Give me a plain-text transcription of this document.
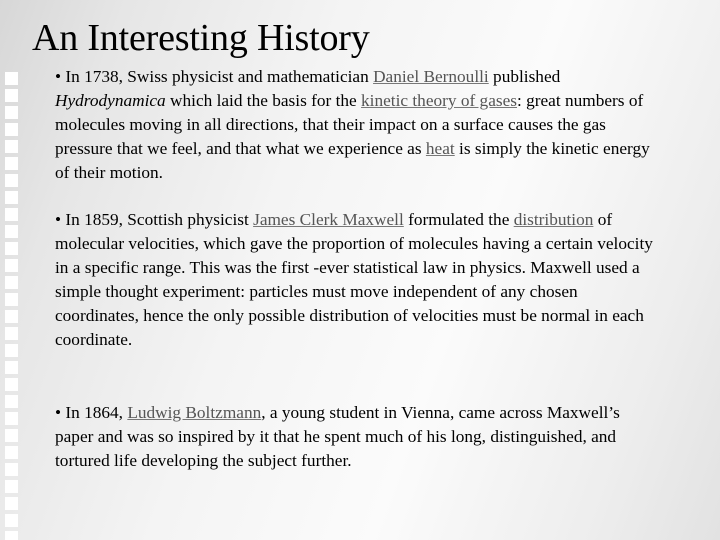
An Interesting History

• In 1738, Swiss physicist and mathematician Daniel Bernoulli published Hydrodynamica which laid the basis for the kinetic theory of gases: great numbers of molecules moving in all directions, that their impact on a surface causes the gas pressure that we feel, and that what we experience as heat is simply the kinetic energy of their motion.

• In 1859, Scottish physicist James Clerk Maxwell formulated the distribution of molecular velocities, which gave the proportion of molecules having a certain velocity in a specific range. This was the first -ever statistical law in physics. Maxwell used a simple thought experiment: particles must move independent of any chosen coordinates, hence the only possible distribution of velocities must be normal in each coordinate.

• In 1864, Ludwig Boltzmann, a young student in Vienna, came across Maxwell’s paper and was so inspired by it that he spent much of his long, distinguished, and tortured life developing the subject further.
